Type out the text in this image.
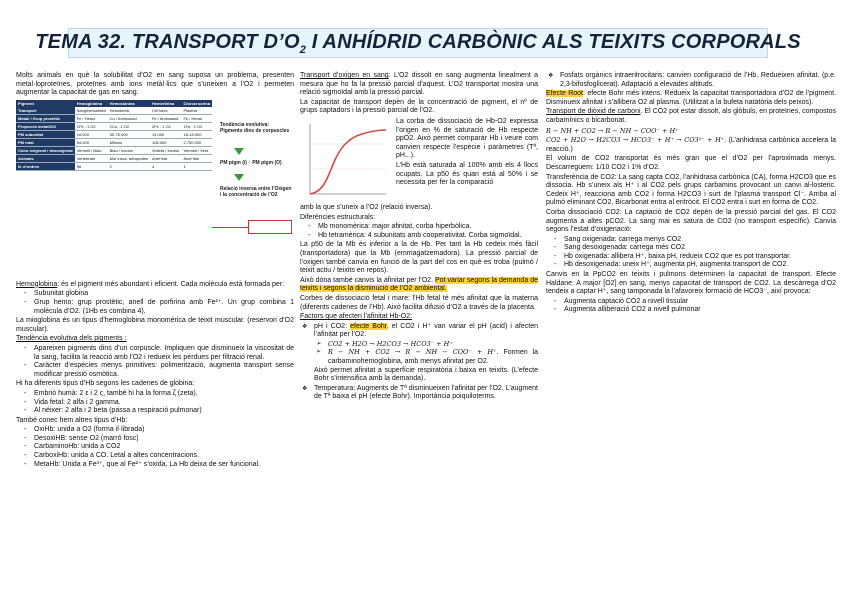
TEMA 32. TRANSPORT $D’O_2$ I ANHÍDRID CARBÒNIC ALS TEIXITS CORPORALS

Molts animals en què la solubilitat d’O2 en sang suposa un problema, presenten metal·loproteïnes, proteïnes amb ions metàl·lics que s’uneixen a l’O2 i permeten augmentar la capacitat de gas en sang.

Pigment	Hemoglobina	Hemocianina	Hemeritrina	Clorocruorina
Transport	Sang/hemolimfa	Hemolimfa	Cèl·lules	Plasma
Metall / Grup prostètic	Fe / Hemo	Cu / Aminoàcid	Fe / Aminoàcid	Fe / Hemo
Proporció metall/O2	1Fe : 1 O2	2Cu : 1 O2	2Fe : 1 O2	1Fe : 1 O2
PM subunitat	16.000	50-75.000	13.000	16-18.000
PM total	64.000	Milions	108.000	2.750.000
Color oxigenat / desoxigenat	Vermell / Blau	Blau / Incolor	Violeta / Incolor	Vermell / Verd
Animals	Vertebrats	Mol·luscs, artròpodes	Anèl·lids	Anèl·lids
N. d’ordres	96	2	4	1
Tendència evolutiva: Pigments dins de corpuscles
PM pigm (i) ↑ PM pigm (O)
Relació inversa entre l’Oxigen i la concentració de l’O2

Hemoglobina: és el pigment més abundant i eficient. Cada molècula està formada per:

- Subunitat globina
- Grup hemo: grup prostètic, anell de porfirina amb Fe²⁺. Un grup combina 1 molècula d’O2. (1Hb es combina 4).

La mioglobina és un tipus d’hemoglobina monomèrica de teixit muscular. (reservori d’O2 muscular).

Tendència evolutiva dels pigments :

- Apareixen pigments dins d’un corpuscle. Impliquen que disminueix la viscositat de la sang, facilita la reacció amb l’O2 i redueix les pèrdues per filtració renal.
- Caràcter d’espècies menys primitives: polimerització, augmenta transport sense modificar pressió osmòtica.

Hi ha diferents tipus d’Hb segons les cadenes de globina:

- Embrió humà: 2 ε i 2 ς, també hi ha la forma ζ (zeta).
- Vida fetal: 2 alfa i 2 gamma.
- Al néixer: 2 alfa i 2 beta (passa a respiració pulmonar)

També conec hem altres tipus d’Hb:

- OxiHb: unida a O2 (forma il·librada)
- DesoxiHB: sense O2 (marró fosc)
- CarbaminoHb: unida a CO2
- CarboxiHb: unida a CO. Letal a altes concentracions.
- MetaHb: Unida a Fe³⁺, que al Fe²⁺ s’oxida, La Hb deixa de ser funcional.

Transport d’oxigen en sang: L’O2 dissolt en sang augmenta linealment a mesura que ho fa la pressió parcial d’aquest. L’O2 transportat mostra una relació sigmoïdal amb la pressió parcial.

La capacitat de transport depèn de la concentració de pigment, el nº de grups captadors i la pressió parcial de l’O2.

La corba de dissociació de Hb-O2 expressa l’origen en % de saturació de Hb respecte ppO2. Això permet comparar Hb i veure com canvien respecte l’espècie i paràmetres (Tª, pH...).

L’Hb està saturada al 100% amb els 4 llocs ocupats. La p50 és quan està al 50% i se necessita per fer la comparació

amb la que s’uneix a l’O2 (relació inversa).

Diferències estructurals:

- Mb monomèrica: major afinitat, corba hiperbòlica.
- Hb tetramèrica: 4 subunitats amb cooperativitat. Corba sigmoïdal.

La p50 de la Mb és inferior a la de Hb. Per tant la Hb cedeix més fàcil (transportadora) que la Mb (emmagatzemadora). La pressió parcial de l’oxigen també canvia en funció de la part del cos en què es troba (pulmó / teixit actiu / teixits en repòs).

Això dóna també canvis la afinitat per l’O2. Pot variar segons la demanda de teixits i segons la disminució de l’O2 ambiental.

Corbes de dissociació fetal i mare: l’Hb fetal té més afinitat que la materna (diferents cadenes de l’Hb). Això facilita difusió d’O2 a través de la placenta.

Factors que afecten l’afinitat Hb-O2:

❖ pH i CO2: efecte Bohr, el CO2 i H⁺ van variar el pH (acid) i afecten l’afinitat per l’O2.
➢ CO2 + H2O → H2CO3 → HCO3⁻ + H⁺
➢ R − NH + CO2 → R − NH − COO⁻ + H⁺. Formen la carbaminohemoglobina, amb menys afinitat per O2.

Això permet afinitat a superfície respiratòria i baixa en teixits. (L’efecte Bohr s’intensifica amb la demanda).

❖ Temperatura: Augments de Tª disminueixen l’afinitat per l’O2. L’augment de Tª baixa el pH (efecte Bohr). Importància poiquiloterms.
❖ Fosfats orgànics intraeritrocitaris: canvien configuració de l’Hb. Redueixen afinitat. (p.e. 2,3-bifosfoglicerat). Adaptació a elevades altituds.

Efecte Root: efecte Bohr més intens. Redueix la capacitat transportadora d’O2 de l’pigment. Disminueix afinitat i s’allibera O2 al plasma. (Utilitzat a la bufeta natatòria dels peixos).

Transport de diòxid de carboni. El CO2 pot estar dissolt, als glòbuls, en proteïnes, compostos carbamínics o bicarbonat.

R − NH + CO2 → R − NH − COO⁻ + H⁺

CO2 + H2O → H2CO3 → HCO3⁻ + H⁺ → CO3²⁻ + H⁺. (L’anhidrasa carbònica accelera la reacció.)

El volum de CO2 transportat és més gran que el d’O2 per l’aproximada menys. Descarreguem: 1/10 CO2 i 1% d’O2.

Transferència de CO2: La sang capta CO2, l’anhidrasa carbònica (CA), forma H2CO3 que es dissocia. Hb s’uneix als H⁺ i al CO2 pels grups carbamins provocant un canvi al-losteric. Cedeix H⁺, reacciona amb CO2 i forma H2CO3 i surt de l’plasma transport Cl⁻. Arriba al pulmó eliminant CO2. Bicarbonat entra al eritròcit. El CO2 entra i surt en forma de CO2.

Corba dissociació CO2: La captació de CO2 depèn de la pressió parcial del gas. El CO2 augmenta a altes pCO2. La sang mai es satura de CO2 (no transport específic). Canvia segons l’estat d’oxigenació:

- Sang oxigenada: carrega menys CO2
- Sang desoxigenada: carrega més CO2
- Hb oxigenada: allibera H⁺, baixa pH, redueix CO2 que es pot transportar.
- Hb desoxigenada: uneix H⁺, augmenta pH, augmenta transport de CO2.

Canvis en la PpCO2 en teixits i pulmons determinen la capacitat de transport. Efecte Haldane: A major [O2] en sang, menys capacitat de transport de CO2. La descàrrega d’O2 tendeix a captar H⁺, sang tamponada la l’afavoreix formació de HCO3⁻, així provoca:

- Augmenta captació CO2 a nivell tissular
- Augmenta alliberació CO2 a nivell pulmonar
